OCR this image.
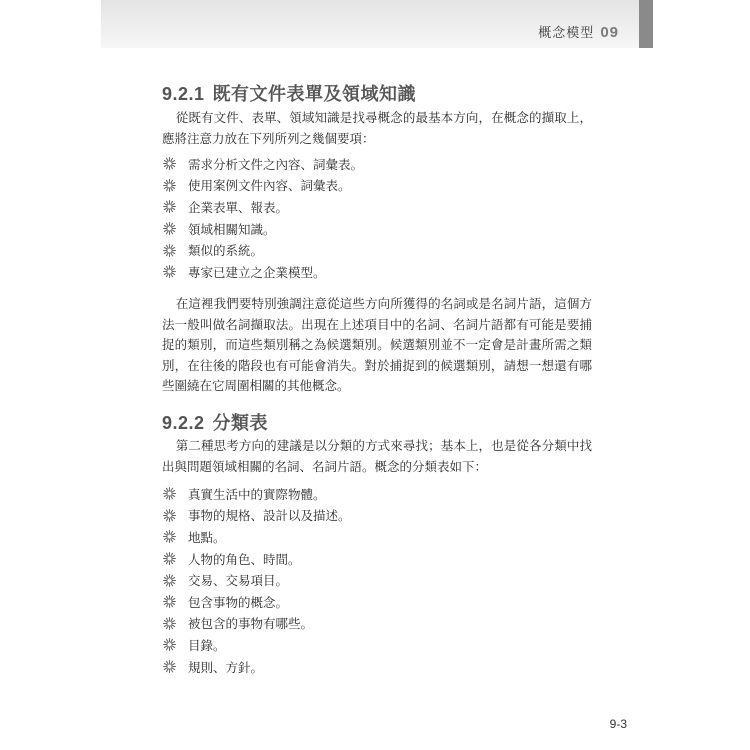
概念模型 09
9.2.1 既有文件表單及領域知識

從既有文件、表單、領域知識是找尋概念的最基本方向，在概念的擷取上，應將注意力放在下列所列之幾個要項：

需求分析文件之內容、詞彙表。
使用案例文件內容、詞彙表。
企業表單、報表。
領域相關知識。
類似的系統。
專家已建立之企業模型。

在這裡我們要特別強調注意從這些方向所獲得的名詞或是名詞片語，這個方法一般叫做名詞擷取法。出現在上述項目中的名詞、名詞片語都有可能是要捕捉的類別，而這些類別稱之為候選類別。候選類別並不一定會是計畫所需之類別，在往後的階段也有可能會消失。對於捕捉到的候選類別，請想一想還有哪些圍繞在它周圍相關的其他概念。

9.2.2 分類表

第二種思考方向的建議是以分類的方式來尋找；基本上，也是從各分類中找出與問題領域相關的名詞、名詞片語。概念的分類表如下：

真實生活中的實際物體。
事物的規格、設計以及描述。
地點。
人物的角色、時間。
交易、交易項目。
包含事物的概念。
被包含的事物有哪些。
目錄。
規則、方針。
9-3
